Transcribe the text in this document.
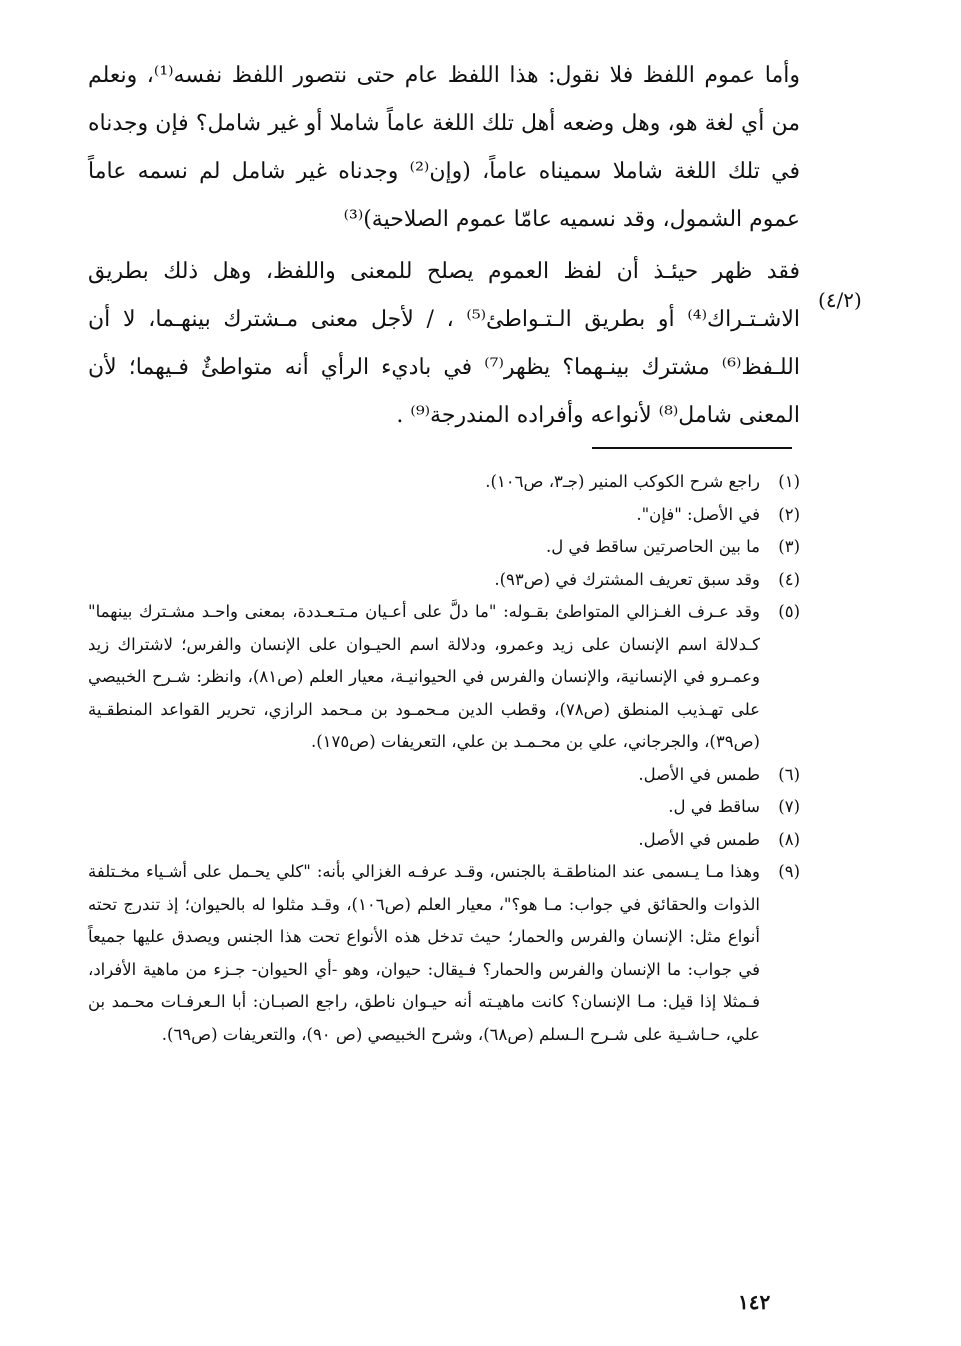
وأما عموم اللفظ فلا نقول: هذا اللفظ عام حتى نتصور اللفظ نفسه⁽¹⁾، ونعلم من أي لغة هو، وهل وضعه أهل تلك اللغة عاماً شاملا أو غير شامل؟ فإن وجدناه في تلك اللغة شاملا سميناه عاماً، (وإن⁽²⁾ وجدناه غير شامل لم نسمه عاماً عموم الشمول، وقد نسميه عامّا عموم الصلاحية)⁽³⁾

فقد ظهر حيئـذ أن لفظ العموم يصلح للمعنى واللفظ، وهل ذلك بطريق الاشـتـراك⁽⁴⁾ أو بطريق الـتـواطئ⁽⁵⁾ ، / لأجل معنى مـشترك بينهـما، لا أن اللـفظ⁽⁶⁾ مشترك بينـهما؟ يظهر⁽⁷⁾ في باديء الرأي أنه متواطئٌ فـيهما؛ لأن المعنى شامل⁽⁸⁾ لأنواعه وأفراده المندرجة⁽⁹⁾ .

(٤/٢)
(١)
راجع شرح الكوكب المنير (جـ٣، ص١٠٦).
(٢)
في الأصل: "فإن".
(٣)
ما بين الحاصرتين ساقط في ل.
(٤)
وقد سبق تعريف المشترك في (ص٩٣).
(٥)
وقد عـرف الغـزالي المتواطئ بقـوله: "ما دلَّ على أعـيان مـتـعـددة، بمعنى واحـد مشـترك بينهما" كـدلالة اسم الإنسان على زيد وعمرو، ودلالة اسم الحيـوان على الإنسان والفرس؛ لاشتراك زيد وعمـرو في الإنسانية، والإنسان والفرس في الحيوانيـة، معيار العلم (ص٨١)، وانظر: شـرح الخبيصي على تهـذيب المنطق (ص٧٨)، وقطب الدين مـحمـود بن مـحمد الرازي، تحرير القواعد المنطقـية (ص٣٩)، والجرجاني، علي بن محـمـد بن علي، التعريفات (ص١٧٥).
(٦)
طمس في الأصل.
(٧)
ساقط في ل.
(٨)
طمس في الأصل.
(٩)
وهذا مـا يـسمى عند المناطقـة بالجنس، وقـد عرفـه الغزالي بأنه: "كلي يحـمل على أشـياء مخـتلفة الذوات والحقائق في جواب: مـا هو؟"، معيار العلم (ص١٠٦)، وقـد مثلوا له بالحيوان؛ إذ تندرج تحته أنواع مثل: الإنسان والفرس والحمار؛ حيث تدخل هذه الأنواع تحت هذا الجنس ويصدق عليها جميعاً في جواب: ما الإنسان والفرس والحمار؟ فـيقال: حيوان، وهو -أي الحيوان- جـزء من ماهية الأفراد، فـمثلا إذا قيل: مـا الإنسان؟ كانت ماهيـته أنه حيـوان ناطق، راجع الصبـان: أبا الـعرفـات محـمد بن علي، حـاشـية على شـرح الـسلم (ص٦٨)، وشرح الخبيصي (ص ٩٠)، والتعريفات (ص٦٩).
١٤٢
